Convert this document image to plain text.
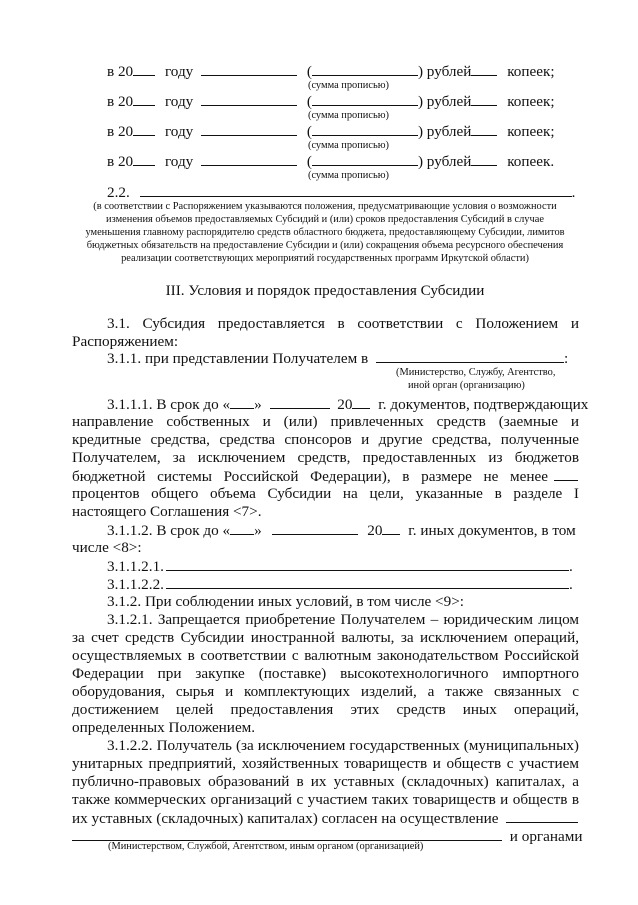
в 20 году	(	) рублей копеек;
(сумма прописью)
в 20 году	(	) рублей копеек;
(сумма прописью)
в 20 году	(	) рублей копеек;
(сумма прописью)
в 20 году	(	) рублей копеек.
(сумма прописью)
2.2.	.
(в соответствии с Распоряжением указываются положения, предусматривающие условия о возможности
изменения объемов предоставляемых Субсидий и (или) сроков предоставления Субсидий в случае
уменьшения главному распорядителю средств областного бюджета, предоставляющему Субсидии, лимитов
бюджетных обязательств на предоставление Субсидии и (или) сокращения объема ресурсного обеспечения
реализации соответствующих мероприятий государственных программ Иркутской области)
III. Условия и порядок предоставления Субсидии
3.1. Субсидия предоставляется в соответствии с Положением и
Распоряжением:
3.1.1. при представлении Получателем в	:
(Министерство, Службу, Агентство,
иной орган (организацию)
3.1.1.1. В срок до « »	20 г. документов, подтверждающих
направление собственных и (или) привлеченных средств (заемные и
кредитные средства, средства спонсоров и другие средства, полученные
Получателем, за исключением средств, предоставленных из бюджетов
бюджетной системы Российской Федерации), в размере не менее
процентов общего объема Субсидии на цели, указанные в разделе I
настоящего Соглашения <7>.
3.1.1.2. В срок до « »	20 г. иных документов, в том
числе <8>:
3.1.1.2.1.	.
3.1.1.2.2.	.
3.1.2. При соблюдении иных условий, в том числе <9>:
3.1.2.1. Запрещается приобретение Получателем – юридическим лицом
за счет средств Субсидии иностранной валюты, за исключением операций,
осуществляемых в соответствии с валютным законодательством Российской
Федерации при закупке (поставке) высокотехнологичного импортного
оборудования, сырья и комплектующих изделий, а также связанных с
достижением целей предоставления этих средств иных операций,
определенных Положением.
3.1.2.2. Получатель (за исключением государственных (муниципальных)
унитарных предприятий, хозяйственных товариществ и обществ с участием
публично-правовых образований в их уставных (складочных) капиталах, а
также коммерческих организаций с участием таких товариществ и обществ в
их уставных (складочных) капиталах) согласен на осуществление
и органами
(Министерством, Службой, Агентством, иным органом (организацией)
